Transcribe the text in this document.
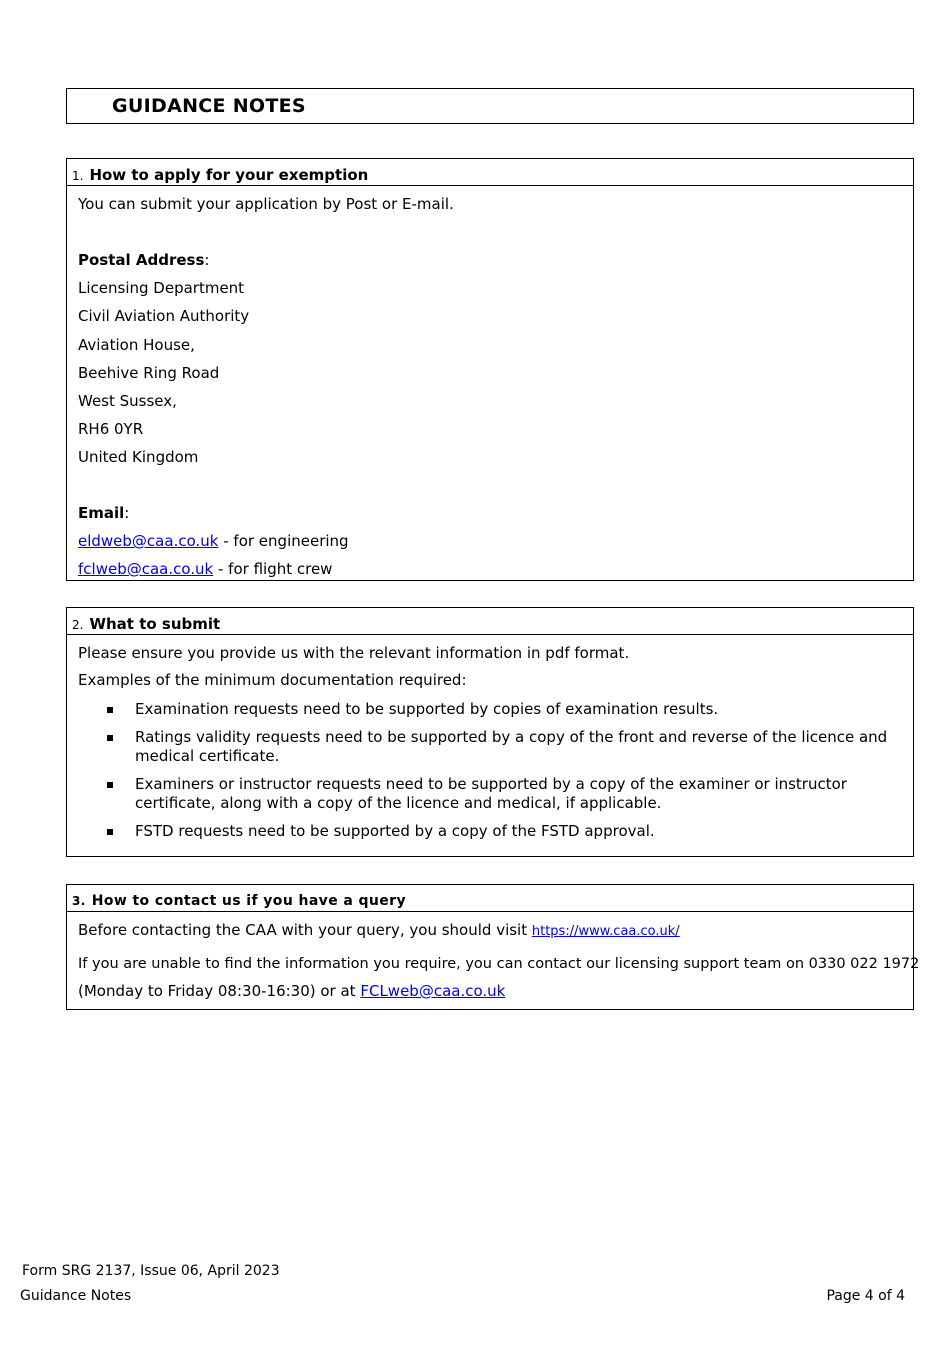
GUIDANCE NOTES
1. How to apply for your exemption
You can submit your application by Post or E-mail.
Postal Address:
Licensing Department
Civil Aviation Authority
Aviation House,
Beehive Ring Road
West Sussex,
RH6 0YR
United Kingdom
Email:
eldweb@caa.co.uk - for engineering
fclweb@caa.co.uk - for flight crew
2. What to submit
Please ensure you provide us with the relevant information in pdf format.
Examples of the minimum documentation required:
Examination requests need to be supported by copies of examination results.
Ratings validity requests need to be supported by a copy of the front and reverse of the licence and medical certificate.
Examiners or instructor requests need to be supported by a copy of the examiner or instructor certificate, along with a copy of the licence and medical, if applicable.
FSTD requests need to be supported by a copy of the FSTD approval.
3. How to contact us if you have a query
Before contacting the CAA with your query, you should visit https://www.caa.co.uk/
If you are unable to find the information you require, you can contact our licensing support team on 0330 022 1972
(Monday to Friday 08:30-16:30) or at FCLweb@caa.co.uk
Form SRG 2137, Issue 06, April 2023
Guidance Notes	Page 4 of 4
